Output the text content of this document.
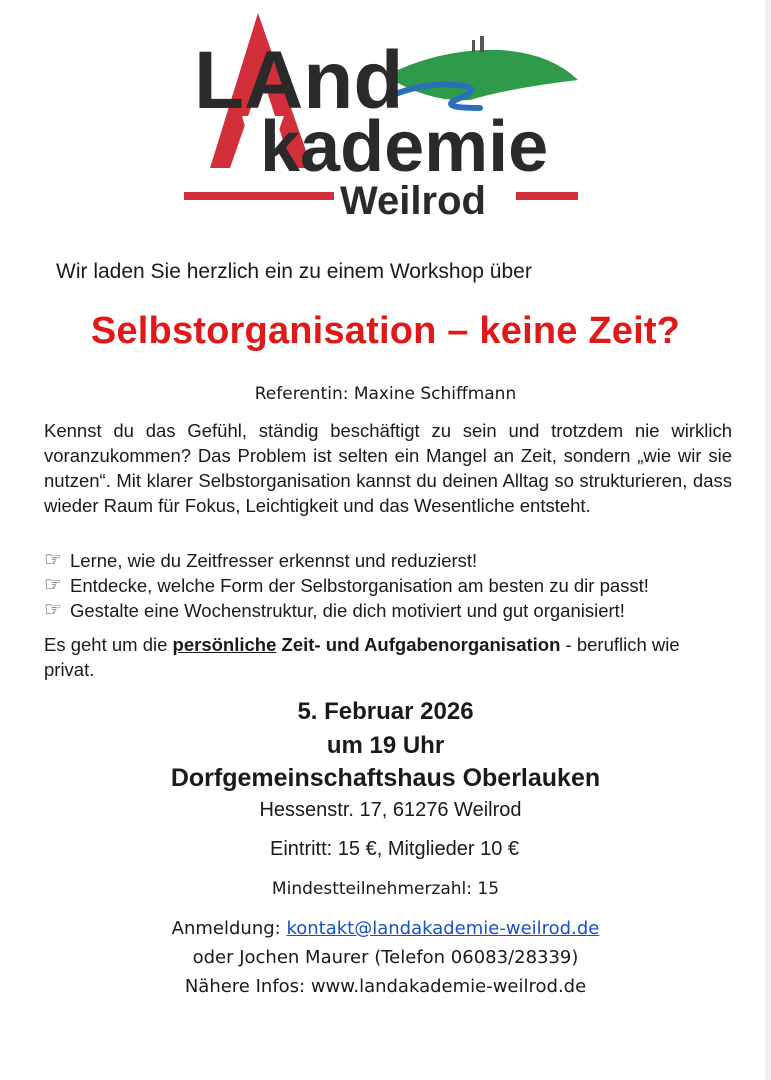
LAnd
kademie
Weilrod
Wir laden Sie herzlich ein zu einem Workshop über
Selbstorganisation – keine Zeit?
Referentin: Maxine Schiffmann
Kennst du das Gefühl, ständig beschäftigt zu sein und trotzdem nie wirklich voranzukommen? Das Problem ist selten ein Mangel an Zeit, sondern „wie wir sie nutzen“. Mit klarer Selbstorganisation kannst du deinen Alltag so strukturieren, dass wieder Raum für Fokus, Leichtigkeit und das Wesentliche entsteht.
☞ Lerne, wie du Zeitfresser erkennst und reduzierst!
☞ Entdecke, welche Form der Selbstorganisation am besten zu dir passt!
☞ Gestalte eine Wochenstruktur, die dich motiviert und gut organisiert!
Es geht um die persönliche Zeit- und Aufgabenorganisation - beruflich wie privat.
5. Februar 2026
um 19 Uhr
Dorfgemeinschaftshaus Oberlauken
Hessenstr. 17, 61276 Weilrod
Eintritt: 15 €, Mitglieder 10 €
Mindestteilnehmerzahl: 15
Anmeldung: kontakt@landakademie-weilrod.de
oder Jochen Maurer (Telefon 06083/28339)
Nähere Infos: www.landakademie-weilrod.de
